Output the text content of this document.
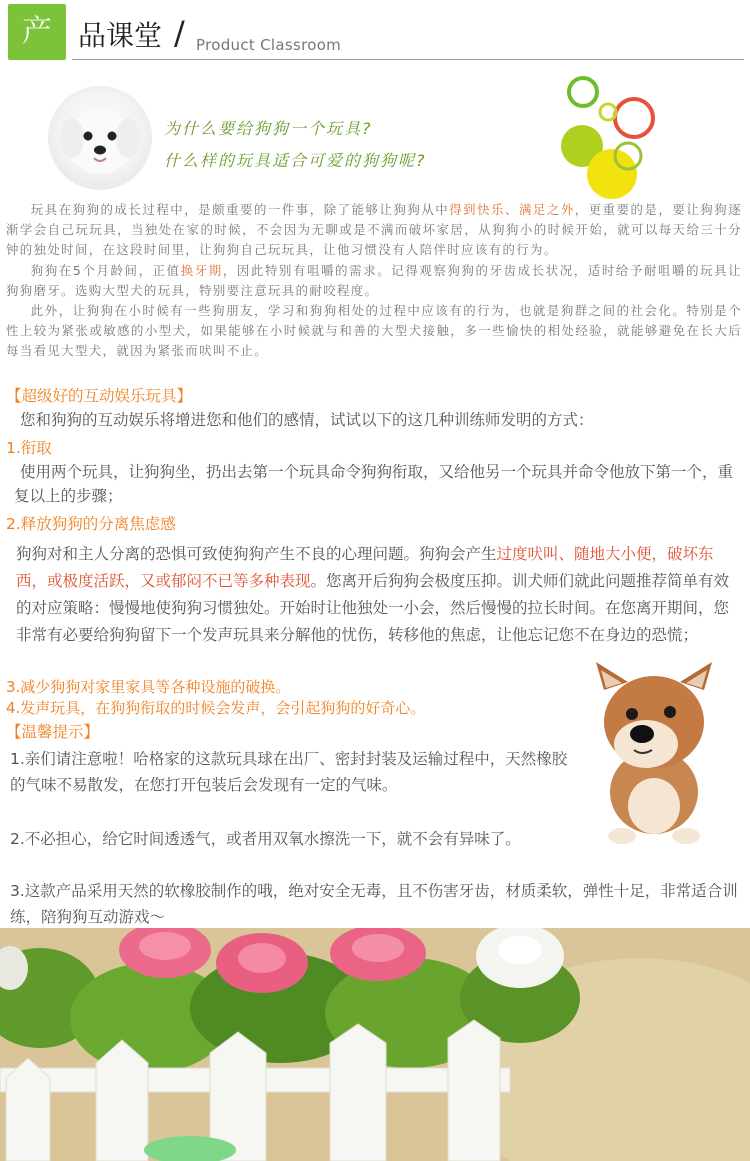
产 品课堂 / Product Classroom
为什么要给狗狗一个玩具?
什么样的玩具适合可爱的狗狗呢?

玩具在狗狗的成长过程中，是颇重要的一件事，除了能够让狗狗从中得到快乐、满足之外，更重要的是，要让狗狗逐渐学会自己玩玩具，当独处在家的时候，不会因为无聊或是不满而破坏家居，从狗狗小的时候开始，就可以每天给三十分钟的独处时间，在这段时间里，让狗狗自己玩玩具，让他习惯没有人陪伴时应该有的行为。

狗狗在5个月龄间，正值换牙期，因此特别有咀嚼的需求。记得观察狗狗的牙齿成长状况，适时给予耐咀嚼的玩具让狗狗磨牙。选购大型犬的玩具，特别要注意玩具的耐咬程度。

此外，让狗狗在小时候有一些狗朋友，学习和狗狗相处的过程中应该有的行为，也就是狗群之间的社会化。特别是个性上较为紧张或敏感的小型犬，如果能够在小时候就与和善的大型犬接触，多一些愉快的相处经验，就能够避免在长大后每当看见大型犬，就因为紧张而吠叫不止。

【超级好的互动娱乐玩具】
您和狗狗的互动娱乐将增进您和他们的感情，试试以下的这几种训练师发明的方式：
1.衔取
使用两个玩具，让狗狗坐，扔出去第一个玩具命令狗狗衔取，又给他另一个玩具并命令他放下第一个，重复以上的步骤；
2.释放狗狗的分离焦虑感
狗狗对和主人分离的恐惧可致使狗狗产生不良的心理问题。狗狗会产生过度吠叫、随地大小便，破坏东西，或极度活跃，又或郁闷不已等多种表现。您离开后狗狗会极度压抑。训犬师们就此问题推荐简单有效的对应策略：慢慢地使狗狗习惯独处。开始时让他独处一小会，然后慢慢的拉长时间。在您离开期间，您非常有必要给狗狗留下一个发声玩具来分解他的忧伤，转移他的焦虑，让他忘记您不在身边的恐慌；
3.减少狗狗对家里家具等各种设施的破换。
4.发声玩具，在狗狗衔取的时候会发声，会引起狗狗的好奇心。
【温馨提示】
1.亲们请注意啦！哈格家的这款玩具球在出厂、密封封装及运输过程中，天然橡胶的气味不易散发，在您打开包装后会发现有一定的气味。
2.不必担心，给它时间透透气，或者用双氧水擦洗一下，就不会有异味了。
3.这款产品采用天然的软橡胶制作的哦，绝对安全无毒，且不伤害牙齿，材质柔软，弹性十足，非常适合训练，陪狗狗互动游戏～
